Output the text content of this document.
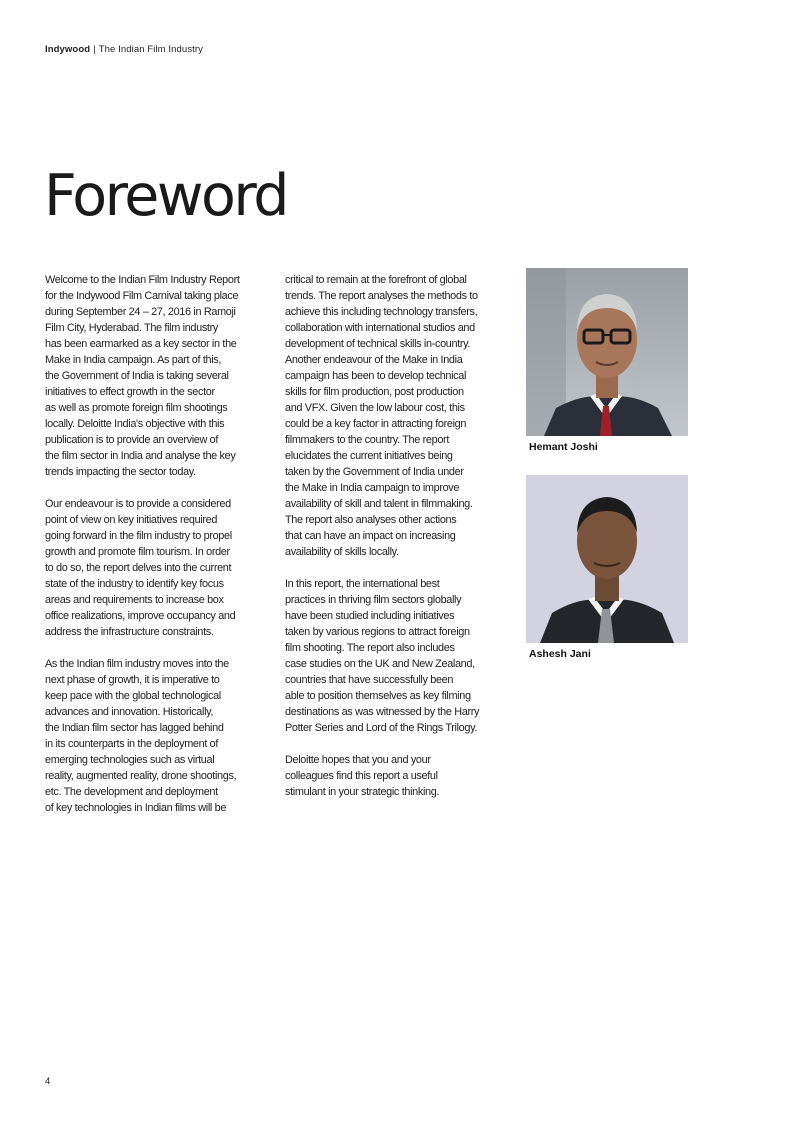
Indywood | The Indian Film Industry
Foreword

Welcome to the Indian Film Industry Report
for the Indywood Film Carnival taking place
during September 24 – 27, 2016 in Ramoji
Film City, Hyderabad. The film industry
has been earmarked as a key sector in the
Make in India campaign. As part of this,
the Government of India is taking several
initiatives to effect growth in the sector
as well as promote foreign film shootings
locally. Deloitte India's objective with this
publication is to provide an overview of
the film sector in India and analyse the key
trends impacting the sector today.

Our endeavour is to provide a considered
point of view on key initiatives required
going forward in the film industry to propel
growth and promote film tourism. In order
to do so, the report delves into the current
state of the industry to identify key focus
areas and requirements to increase box
office realizations, improve occupancy and
address the infrastructure constraints.

As the Indian film industry moves into the
next phase of growth, it is imperative to
keep pace with the global technological
advances and innovation. Historically,
the Indian film sector has lagged behind
in its counterparts in the deployment of
emerging technologies such as virtual
reality, augmented reality, drone shootings,
etc. The development and deployment
of key technologies in Indian films will be

critical to remain at the forefront of global
trends. The report analyses the methods to
achieve this including technology transfers,
collaboration with international studios and
development of technical skills in-country.
Another endeavour of the Make in India
campaign has been to develop technical
skills for film production, post production
and VFX. Given the low labour cost, this
could be a key factor in attracting foreign
filmmakers to the country. The report
elucidates the current initiatives being
taken by the Government of India under
the Make in India campaign to improve
availability of skill and talent in filmmaking.
The report also analyses other actions
that can have an impact on increasing
availability of skills locally.

In this report, the international best
practices in thriving film sectors globally
have been studied including initiatives
taken by various regions to attract foreign
film shooting. The report also includes
case studies on the UK and New Zealand,
countries that have successfully been
able to position themselves as key filming
destinations as was witnessed by the Harry
Potter Series and Lord of the Rings Trilogy.

Deloitte hopes that you and your
colleagues find this report a useful
stimulant in your strategic thinking.

Hemant Joshi
Ashesh Jani
4
